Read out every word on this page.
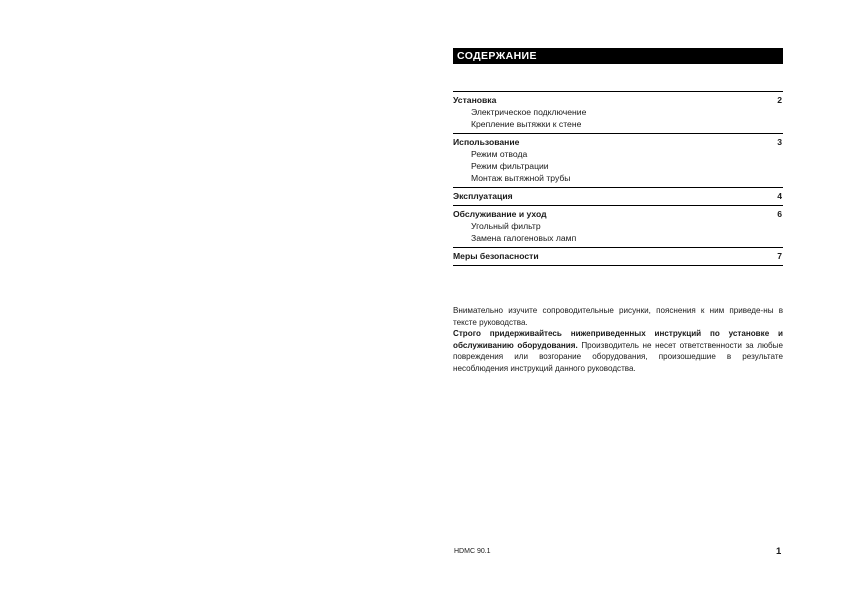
СОДЕРЖАНИЕ
Установка	2
Электрическое подключение
Крепление вытяжки к стене
Использование	3
Режим отвода
Режим фильтрации
Монтаж вытяжной трубы
Эксплуатация	4
Обслуживание и уход	6
Угольный фильтр
Замена галогеновых ламп
Меры безопасности	7

Внимательно изучите сопроводительные рисунки, пояснения к ним приведе-ны в тексте руководства.

Строго придерживайтесь нижеприведенных инструкций по установке и обслуживанию оборудования. Производитель не несет ответственности за любые повреждения или возгорание оборудования, произошедшие в результате несоблюдения инструкций данного руководства.

HDMC 90.1	1
